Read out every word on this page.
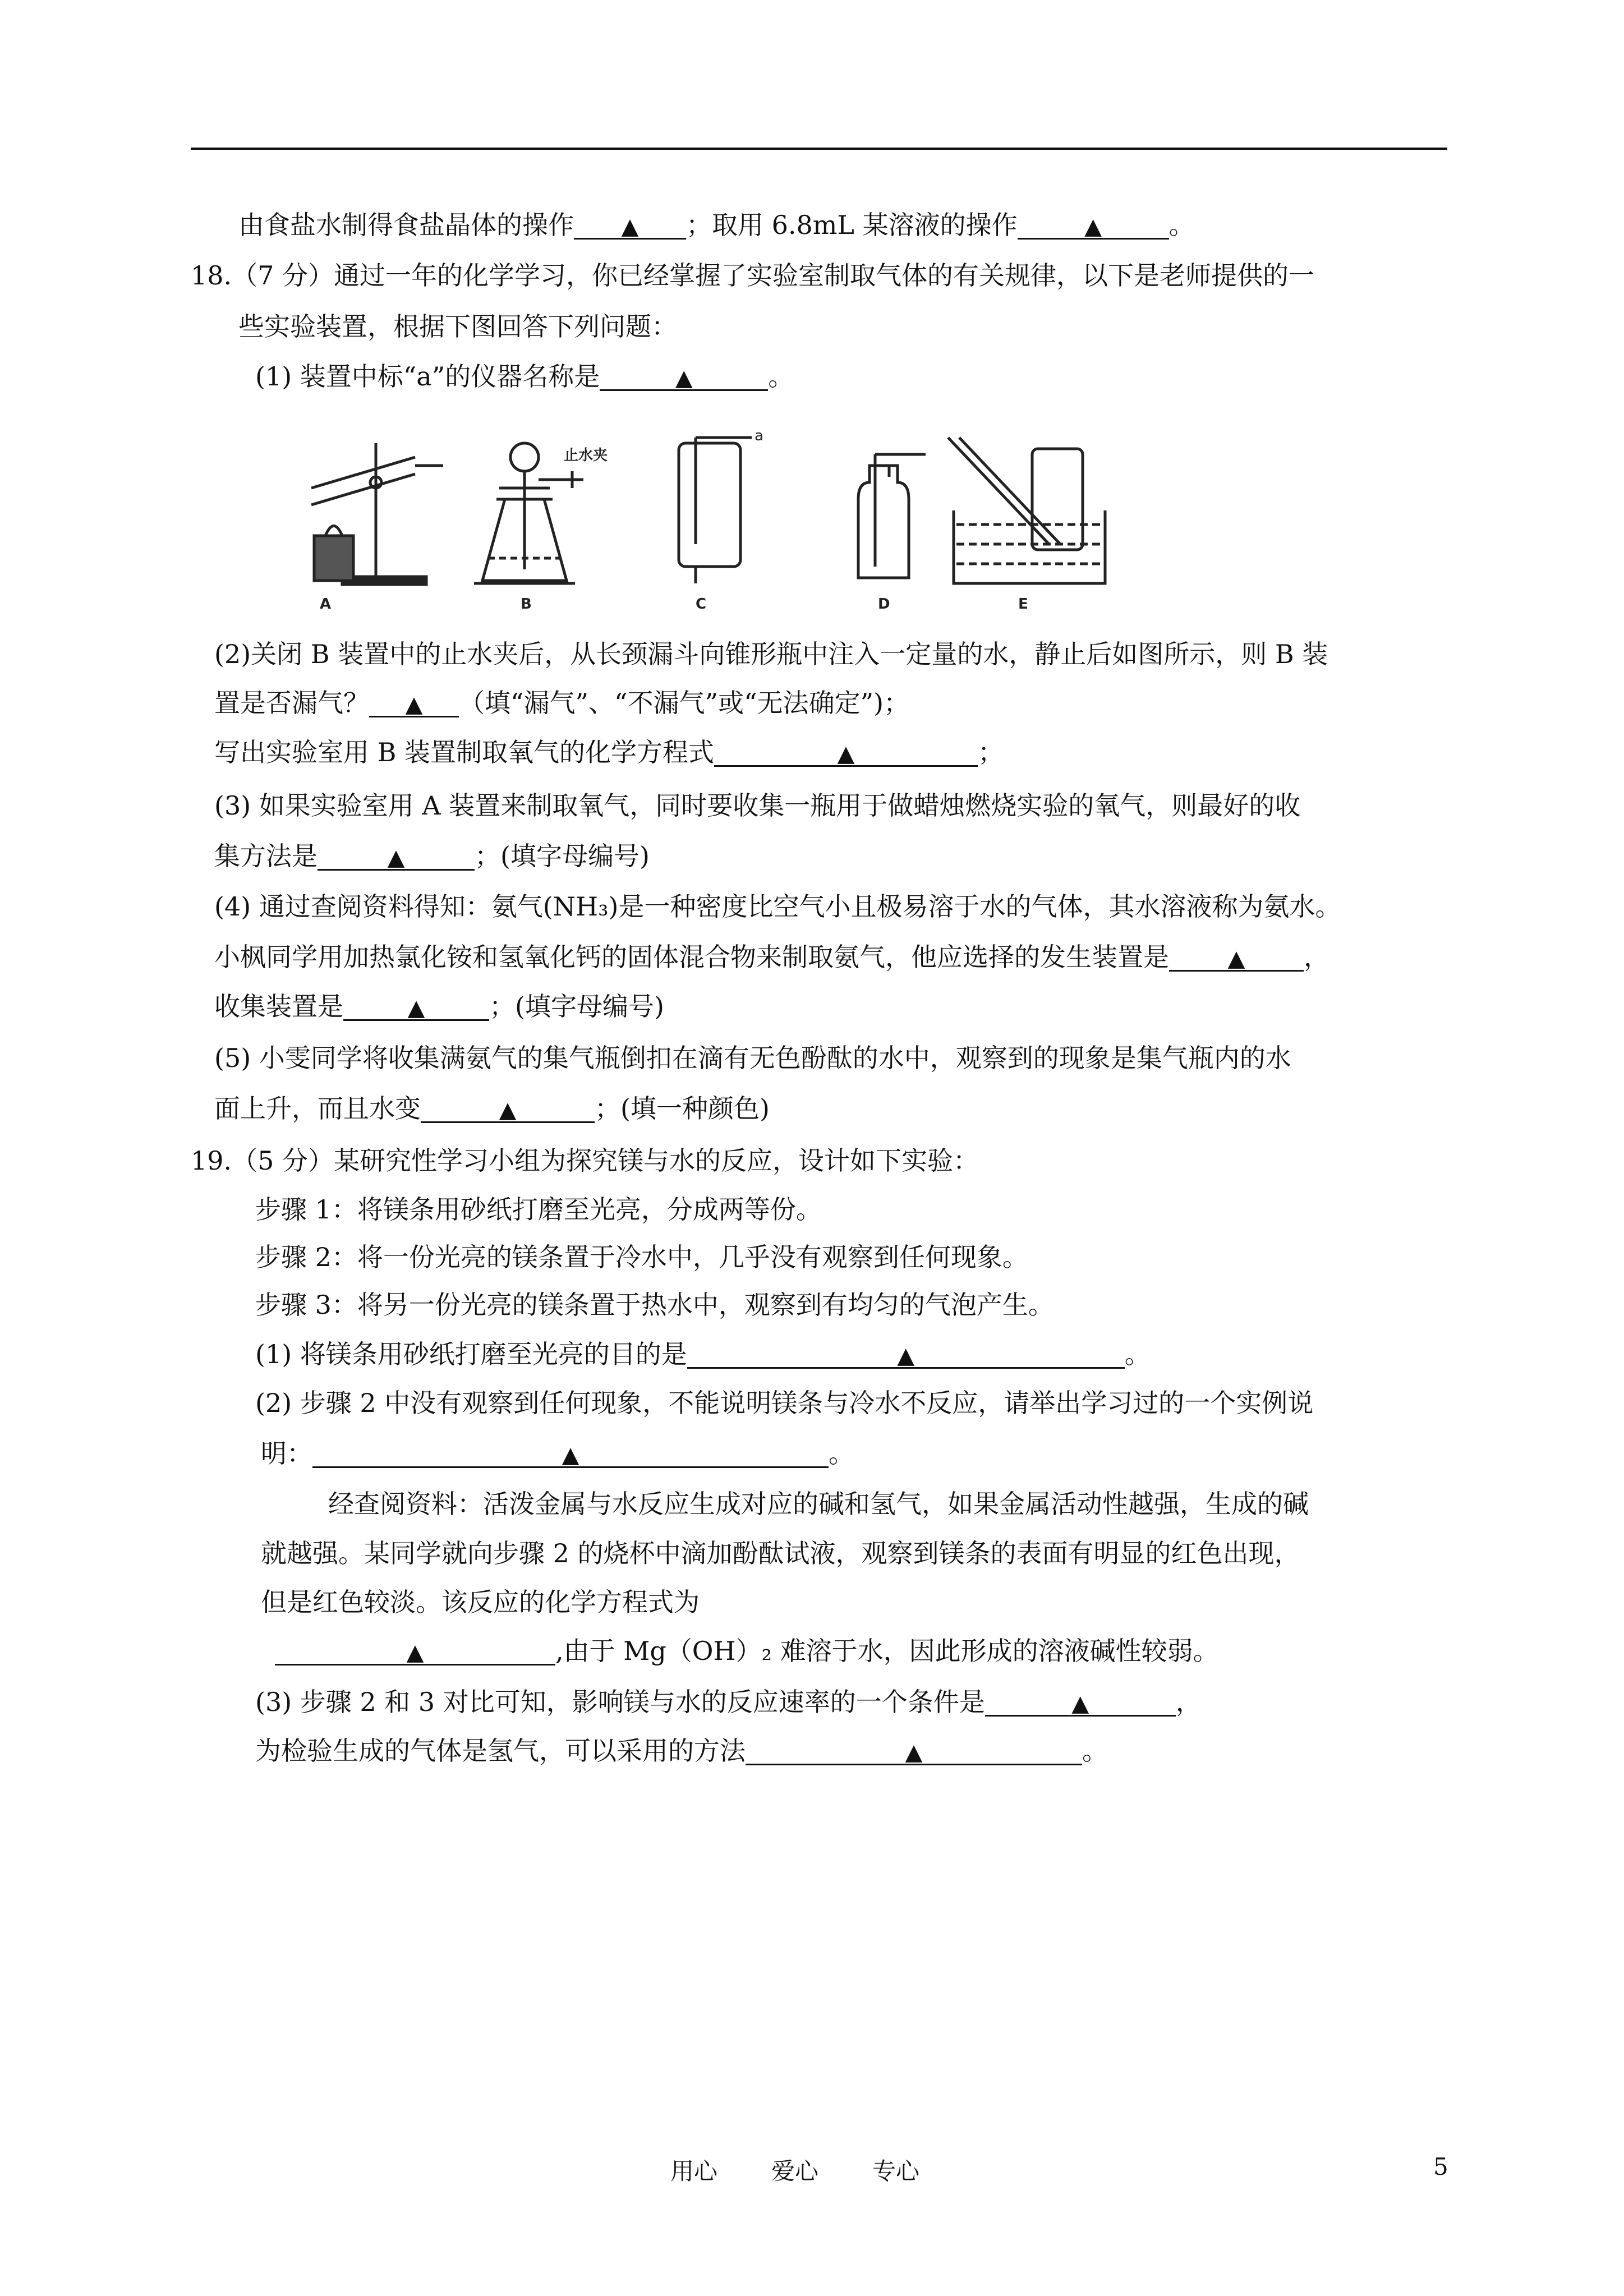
由食盐水制得食盐晶体的操作 ▲ ；取用 6.8mL 某溶液的操作	▲	。
18.（7 分）通过一年的化学学习，你已经掌握了实验室制取气体的有关规律，以下是老师提供的一
些实验装置，根据下图回答下列问题：
(1) 装置中标“a”的仪器名称是	▲	。
A
止水夹
B
a
C	D	E
(2)关闭 B 装置中的止水夹后，从长颈漏斗向锥形瓶中注入一定量的水，静止后如图所示，则 B 装
置是否漏气？ ▲ （填“漏气”、“不漏气”或“无法确定”)；
写出实验室用 B 装置制取氧气的化学方程式	▲	；
(3) 如果实验室用 A 装置来制取氧气，同时要收集一瓶用于做蜡烛燃烧实验的氧气，则最好的收
集方法是	▲	；(填字母编号)
(4) 通过查阅资料得知：氨气(NH₃)是一种密度比空气小且极易溶于水的气体，其水溶液称为氨水。
小枫同学用加热氯化铵和氢氧化钙的固体混合物来制取氨气，他应选择的发生装置是	▲ ，
收集装置是	▲ ；(填字母编号)
(5) 小雯同学将收集满氨气的集气瓶倒扣在滴有无色酚酞的水中，观察到的现象是集气瓶内的水
面上升，而且水变	▲	；(填一种颜色)
19.（5 分）某研究性学习小组为探究镁与水的反应，设计如下实验：
步骤 1：将镁条用砂纸打磨至光亮，分成两等份。
步骤 2：将一份光亮的镁条置于冷水中，几乎没有观察到任何现象。
步骤 3：将另一份光亮的镁条置于热水中，观察到有均匀的气泡产生。
(1) 将镁条用砂纸打磨至光亮的目的是	▲	。
(2) 步骤 2 中没有观察到任何现象，不能说明镁条与冷水不反应，请举出学习过的一个实例说
明：	▲	。
经查阅资料：活泼金属与水反应生成对应的碱和氢气，如果金属活动性越强，生成的碱
就越强。某同学就向步骤 2 的烧杯中滴加酚酞试液，观察到镁条的表面有明显的红色出现，
但是红色较淡。该反应的化学方程式为
▲	,由于 Mg（OH）₂ 难溶于水，因此形成的溶液碱性较弱。
(3) 步骤 2 和 3 对比可知，影响镁与水的反应速率的一个条件是	▲	，
为检验生成的气体是氢气，可以采用的方法	▲	。
用心 爱心 专心	5
